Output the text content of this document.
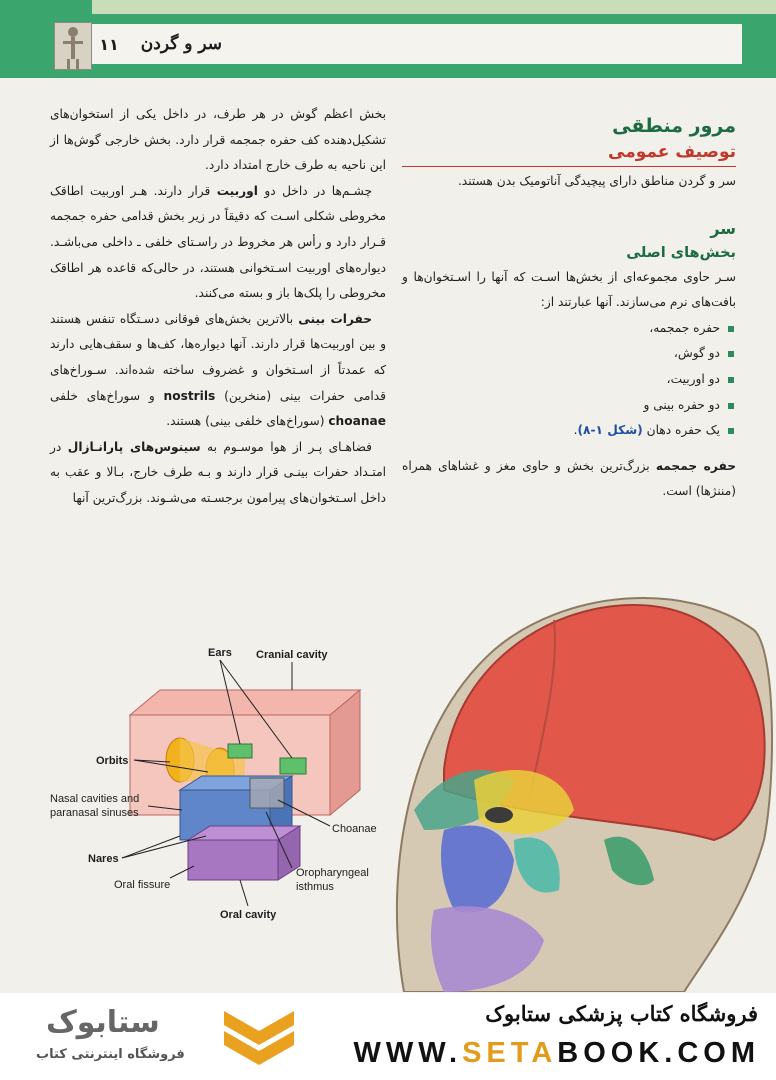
سر و گردن
۱۱
مرور منطقی
توصیف عمومی

سر و گردن مناطق دارای پیچیدگی آناتومیک بدن هستند.

سر
بخش‌های اصلی

سـر حاوی مجموعه‌ای از بخش‌ها اسـت که آنها را اسـتخوان‌ها و بافت‌های نرم می‌سازند. آنها عبارتند از:

حفره جمجمه،
دو گوش،
دو اوربیت،
دو حفره بینی و
یک حفره دهان (شکل ۱-۸).

حفره جمجمه بزرگ‌ترین بخش و حاوی مغز و غشاهای همراه (مننژها) است.

بخش اعظم گوش در هر طرف، در داخل یکی از استخوان‌های تشکیل‌دهنده کف حفره جمجمه قرار دارد. بخش خارجی گوش‌ها از این ناحیه به طرف خارج امتداد دارد.

چشـم‌ها در داخل دو اوربیت قرار دارند. هـر اوربیت اطاقک مخروطی شکلی اسـت که دقیقاً در زیر بخش قدامی حفره جمجمه قـرار دارد و رأس هر مخروط در راسـتای خلفی ـ داخلی می‌باشـد. دیواره‌های اوربیت اسـتخوانی هستند، در حالی‌که قاعده هر اطاقک مخروطی را پلک‌ها باز و بسته می‌کنند.

حفرات بینی بالاترین بخش‌های فوقانی دسـتگاه تنفس هستند و بین اوربیت‌ها قرار دارند. آنها دیواره‌ها، کف‌ها و سقف‌هایی دارند که عمدتاً از اسـتخوان و غضروف ساخته شده‌اند. سـوراخ‌های قدامی حفرات بینی (منخرین) nostrils و سوراخ‌های خلفی choanae (سوراخ‌های خلفی بینی) هستند.

فضاهـای پـر از هوا موسـوم به سینوس‌های پارانـازال در امتـداد حفرات بینـی قرار دارند و بـه طرف خارج، بـالا و عقب به داخل اسـتخوان‌های پیرامون برجسـته می‌شـوند. بزرگ‌ترین آنها

Ears Cranial cavity
Orbits
Nasal cavities and
paranasal sinuses
Choanae
Nares
Oral fissure
Oropharyngeal
isthmus
Oral cavity
فروشگاه کتاب پزشکی ستابوک
WWW.SETABOOK.COM
ستابوک
فروشگاه اینترنتی کتاب
